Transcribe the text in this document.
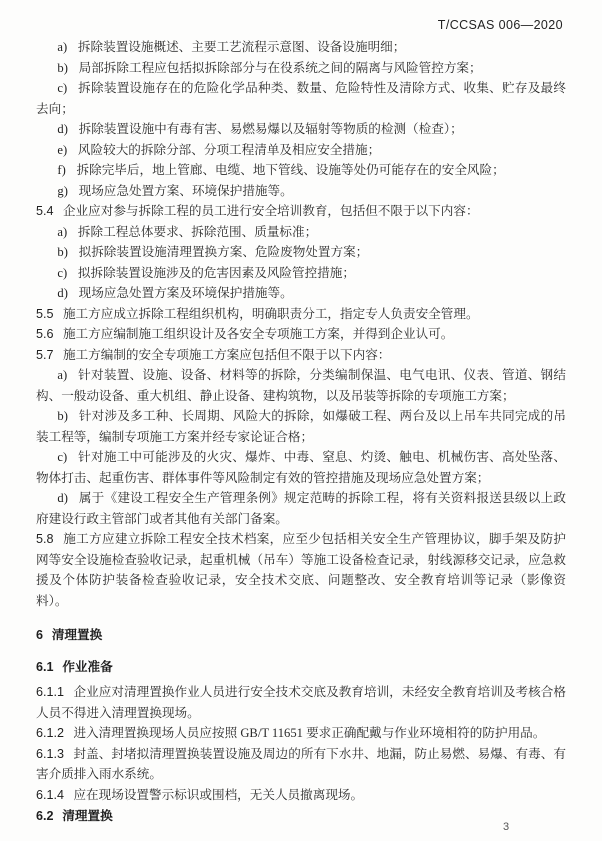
T/CCSAS 006—2020

a) 拆除装置设施概述、主要工艺流程示意图、设备设施明细；

b) 局部拆除工程应包括拟拆除部分与在役系统之间的隔离与风险管控方案；

c) 拆除装置设施存在的危险化学品种类、数量、危险特性及清除方式、收集、贮存及最终去向；

d) 拆除装置设施中有毒有害、易燃易爆以及辐射等物质的检测（检查）；

e) 风险较大的拆除分部、分项工程清单及相应安全措施；

f) 拆除完毕后，地上管廊、电缆、地下管线、设施等处仍可能存在的安全风险；

g) 现场应急处置方案、环境保护措施等。

5.4 企业应对参与拆除工程的员工进行安全培训教育，包括但不限于以下内容：

a) 拆除工程总体要求、拆除范围、质量标准；

b) 拟拆除装置设施清理置换方案、危险废物处置方案；

c) 拟拆除装置设施涉及的危害因素及风险管控措施；

d) 现场应急处置方案及环境保护措施等。

5.5 施工方应成立拆除工程组织机构，明确职责分工，指定专人负责安全管理。

5.6 施工方应编制施工组织设计及各安全专项施工方案，并得到企业认可。

5.7 施工方编制的安全专项施工方案应包括但不限于以下内容：

a) 针对装置、设施、设备、材料等的拆除，分类编制保温、电气电讯、仪表、管道、钢结构、一般动设备、重大机组、静止设备、建构筑物，以及吊装等拆除的专项施工方案；

b) 针对涉及多工种、长周期、风险大的拆除，如爆破工程、两台及以上吊车共同完成的吊装工程等，编制专项施工方案并经专家论证合格；

c) 针对施工中可能涉及的火灾、爆炸、中毒、窒息、灼烫、触电、机械伤害、高处坠落、物体打击、起重伤害、群体事件等风险制定有效的管控措施及现场应急处置方案；

d) 属于《建设工程安全生产管理条例》规定范畴的拆除工程，将有关资料报送县级以上政府建设行政主管部门或者其他有关部门备案。

5.8 施工方应建立拆除工程安全技术档案，应至少包括相关安全生产管理协议，脚手架及防护网等安全设施检查验收记录，起重机械（吊车）等施工设备检查记录，射线源移交记录，应急救援及个体防护装备检查验收记录，安全技术交底、问题整改、安全教育培训等记录（影像资料）。

6 清理置换

6.1 作业准备

6.1.1 企业应对清理置换作业人员进行安全技术交底及教育培训，未经安全教育培训及考核合格人员不得进入清理置换现场。

6.1.2 进入清理置换现场人员应按照 GB/T 11651 要求正确配戴与作业环境相符的防护用品。

6.1.3 封盖、封堵拟清理置换装置设施及周边的所有下水井、地漏，防止易燃、易爆、有毒、有害介质排入雨水系统。

6.1.4 应在现场设置警示标识或围档，无关人员撤离现场。

6.2 清理置换

3
